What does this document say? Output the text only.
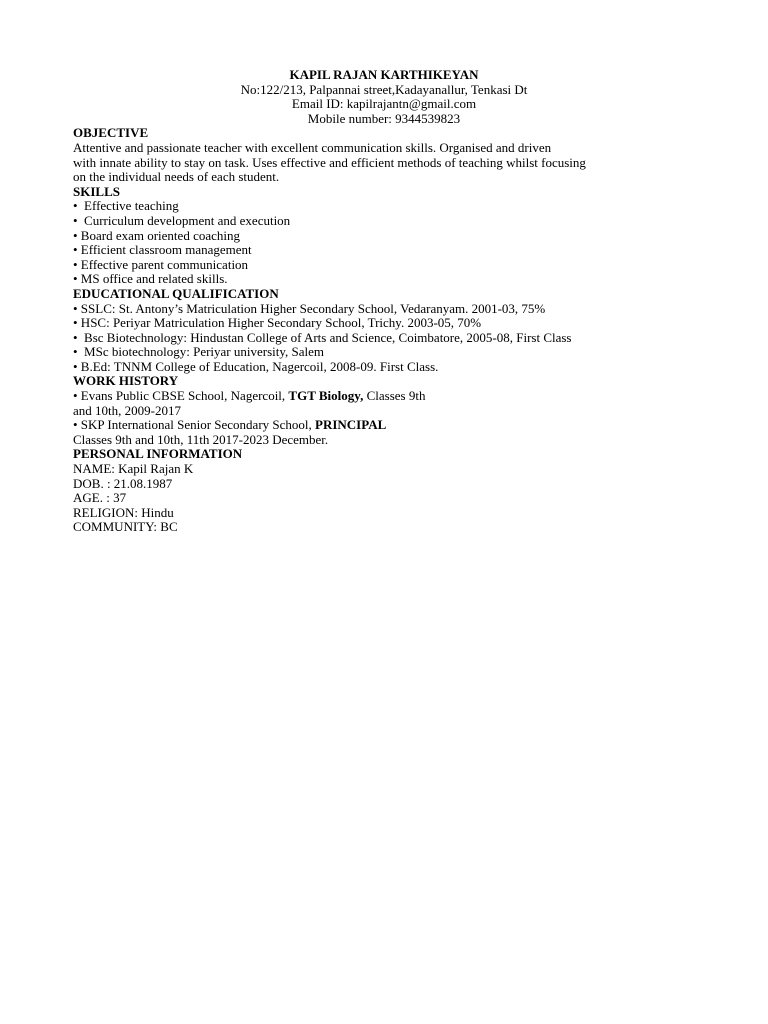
KAPIL RAJAN KARTHIKEYAN
No:122/213, Palpannai street,Kadayanallur, Tenkasi Dt
Email ID: kapilrajantn@gmail.com
Mobile number: 9344539823
OBJECTIVE
Attentive and passionate teacher with excellent communication skills. Organised and driven
with innate ability to stay on task. Uses effective and efficient methods of teaching whilst focusing
on the individual needs of each student.
SKILLS
•  Effective teaching
•  Curriculum development and execution
• Board exam oriented coaching
• Efficient classroom management
• Effective parent communication
• MS office and related skills.
EDUCATIONAL QUALIFICATION
• SSLC: St. Antony’s Matriculation Higher Secondary School, Vedaranyam. 2001-03, 75%
• HSC: Periyar Matriculation Higher Secondary School, Trichy. 2003-05, 70%
•  Bsc Biotechnology: Hindustan College of Arts and Science, Coimbatore, 2005-08, First Class
•  MSc biotechnology: Periyar university, Salem
• B.Ed: TNNM College of Education, Nagercoil, 2008-09. First Class.
WORK HISTORY
• Evans Public CBSE School, Nagercoil, TGT Biology, Classes 9th
and 10th, 2009-2017
• SKP International Senior Secondary School, PRINCIPAL
Classes 9th and 10th, 11th 2017-2023 December.
PERSONAL INFORMATION
NAME: Kapil Rajan K
DOB. : 21.08.1987
AGE. : 37
RELIGION: Hindu
COMMUNITY: BC
